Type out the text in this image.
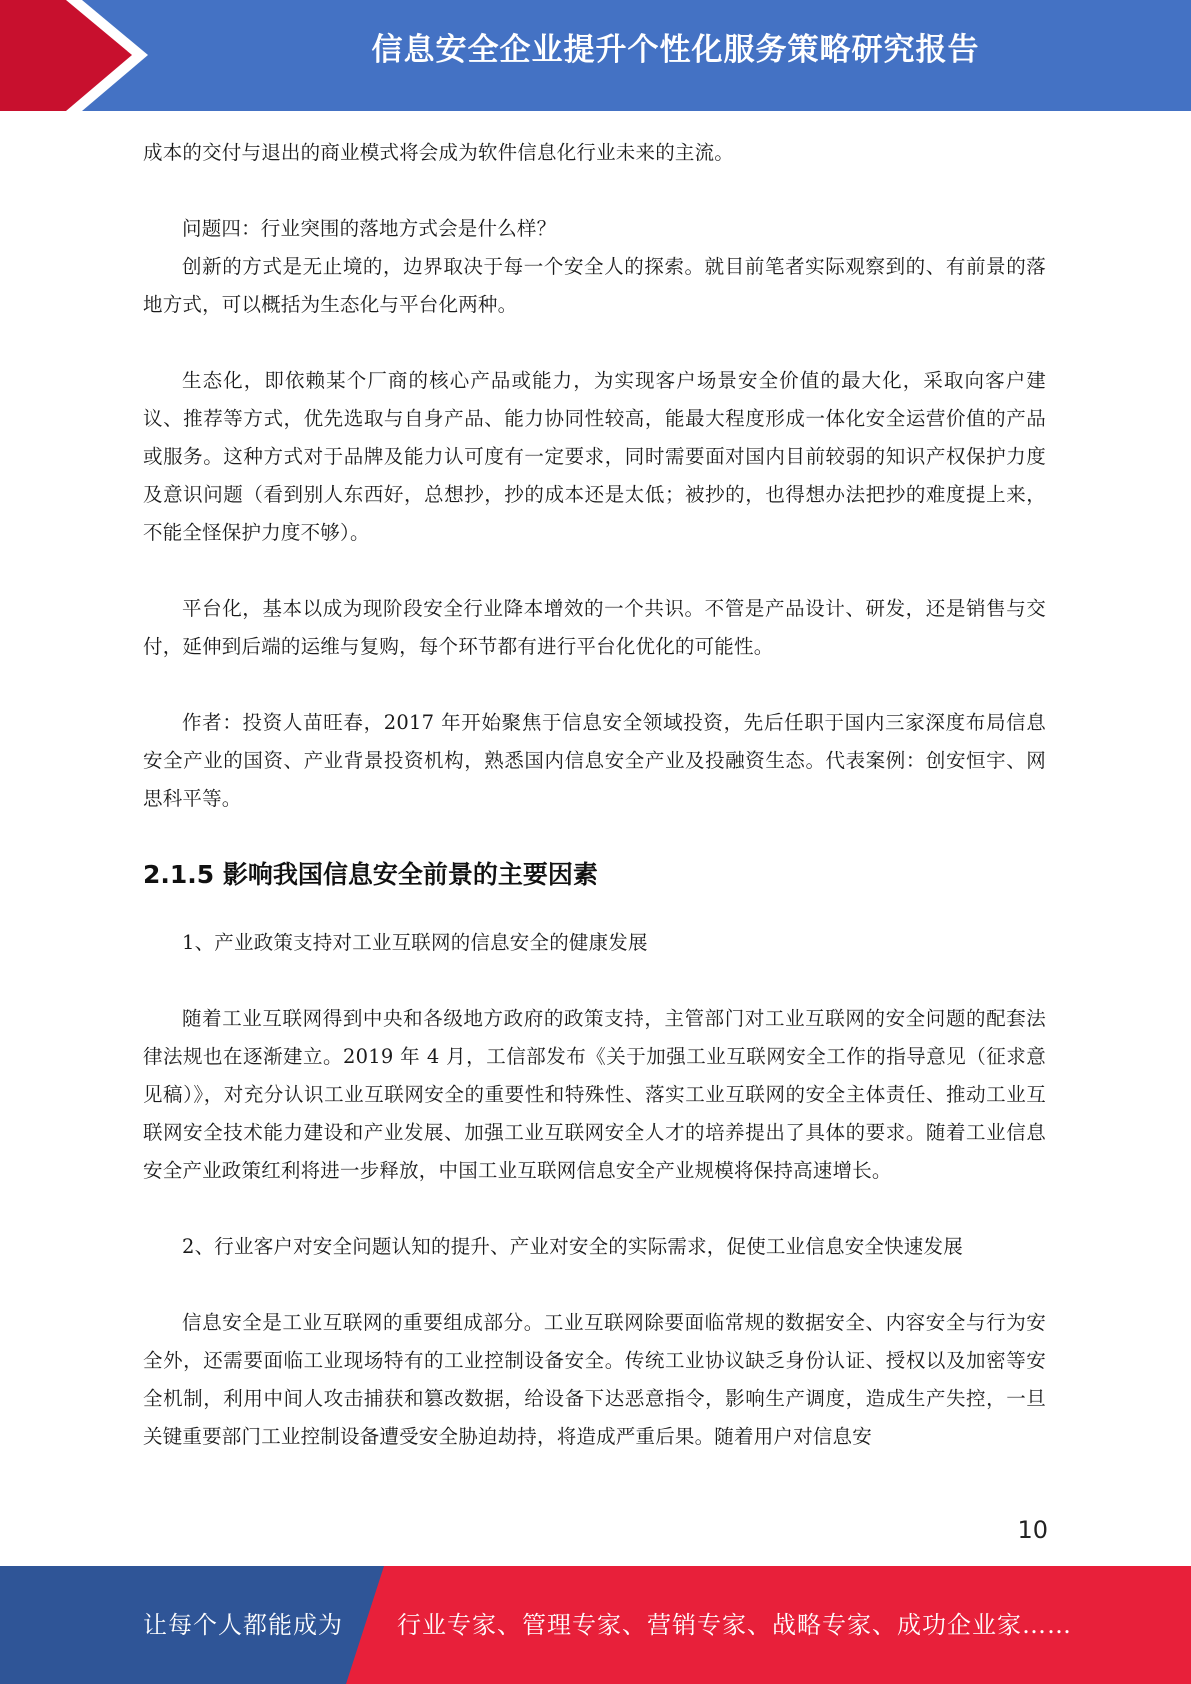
信息安全企业提升个性化服务策略研究报告

成本的交付与退出的商业模式将会成为软件信息化行业未来的主流。

问题四：行业突围的落地方式会是什么样？

创新的方式是无止境的，边界取决于每一个安全人的探索。就目前笔者实际观察到的、有前景的落地方式，可以概括为生态化与平台化两种。

生态化，即依赖某个厂商的核心产品或能力，为实现客户场景安全价值的最大化，采取向客户建议、推荐等方式，优先选取与自身产品、能力协同性较高，能最大程度形成一体化安全运营价值的产品或服务。这种方式对于品牌及能力认可度有一定要求，同时需要面对国内目前较弱的知识产权保护力度及意识问题（看到别人东西好，总想抄，抄的成本还是太低；被抄的，也得想办法把抄的难度提上来，不能全怪保护力度不够）。

平台化，基本以成为现阶段安全行业降本增效的一个共识。不管是产品设计、研发，还是销售与交付，延伸到后端的运维与复购，每个环节都有进行平台化优化的可能性。

作者：投资人苗旺春，2017 年开始聚焦于信息安全领域投资，先后任职于国内三家深度布局信息安全产业的国资、产业背景投资机构，熟悉国内信息安全产业及投融资生态。代表案例：创安恒宇、网思科平等。

2.1.5 影响我国信息安全前景的主要因素

1、产业政策支持对工业互联网的信息安全的健康发展

随着工业互联网得到中央和各级地方政府的政策支持，主管部门对工业互联网的安全问题的配套法律法规也在逐渐建立。2019 年 4 月，工信部发布《关于加强工业互联网安全工作的指导意见（征求意见稿）》，对充分认识工业互联网安全的重要性和特殊性、落实工业互联网的安全主体责任、推动工业互联网安全技术能力建设和产业发展、加强工业互联网安全人才的培养提出了具体的要求。随着工业信息安全产业政策红利将进一步释放，中国工业互联网信息安全产业规模将保持高速增长。

2、行业客户对安全问题认知的提升、产业对安全的实际需求，促使工业信息安全快速发展

信息安全是工业互联网的重要组成部分。工业互联网除要面临常规的数据安全、内容安全与行为安全外，还需要面临工业现场特有的工业控制设备安全。传统工业协议缺乏身份认证、授权以及加密等安全机制，利用中间人攻击捕获和篡改数据，给设备下达恶意指令，影响生产调度，造成生产失控，一旦关键重要部门工业控制设备遭受安全胁迫劫持，将造成严重后果。随着用户对信息安

10
让每个人都能成为 行业专家、管理专家、营销专家、战略专家、成功企业家……
